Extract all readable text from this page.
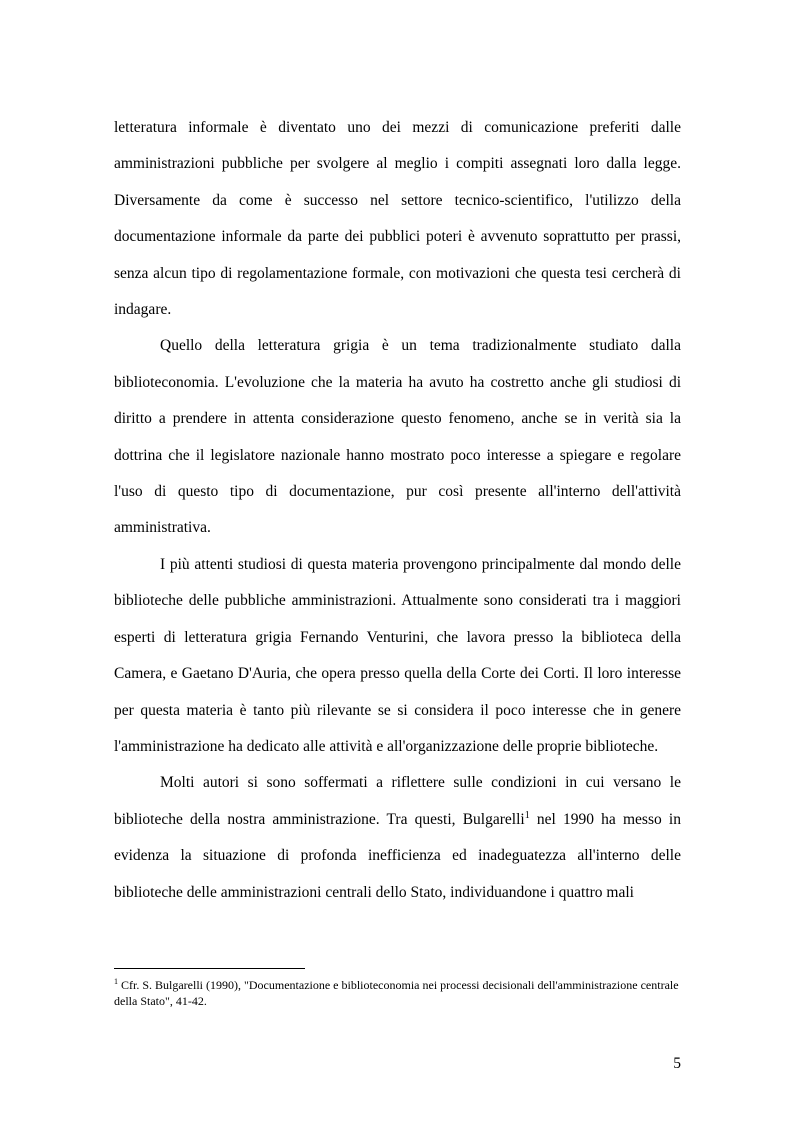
letteratura informale è diventato uno dei mezzi di comunicazione preferiti dalle amministrazioni pubbliche per svolgere al meglio i compiti assegnati loro dalla legge. Diversamente da come è successo nel settore tecnico-scientifico, l'utilizzo della documentazione informale da parte dei pubblici poteri è avvenuto soprattutto per prassi, senza alcun tipo di regolamentazione formale, con motivazioni che questa tesi cercherà di indagare.

Quello della letteratura grigia è un tema tradizionalmente studiato dalla biblioteconomia. L'evoluzione che la materia ha avuto ha costretto anche gli studiosi di diritto a prendere in attenta considerazione questo fenomeno, anche se in verità sia la dottrina che il legislatore nazionale hanno mostrato poco interesse a spiegare e regolare l'uso di questo tipo di documentazione, pur così presente all'interno dell'attività amministrativa.

I più attenti studiosi di questa materia provengono principalmente dal mondo delle biblioteche delle pubbliche amministrazioni. Attualmente sono considerati tra i maggiori esperti di letteratura grigia Fernando Venturini, che lavora presso la biblioteca della Camera, e Gaetano D'Auria, che opera presso quella della Corte dei Corti. Il loro interesse per questa materia è tanto più rilevante se si considera il poco interesse che in genere l'amministrazione ha dedicato alle attività e all'organizzazione delle proprie biblioteche.

Molti autori si sono soffermati a riflettere sulle condizioni in cui versano le biblioteche della nostra amministrazione. Tra questi, Bulgarelli$^1$ nel 1990 ha messo in evidenza la situazione di profonda inefficienza ed inadeguatezza all'interno delle biblioteche delle amministrazioni centrali dello Stato, individuandone i quattro mali

$^1$ Cfr. S. Bulgarelli (1990), "Documentazione e biblioteconomia nei processi decisionali dell'amministrazione centrale della Stato", 41-42.
5
